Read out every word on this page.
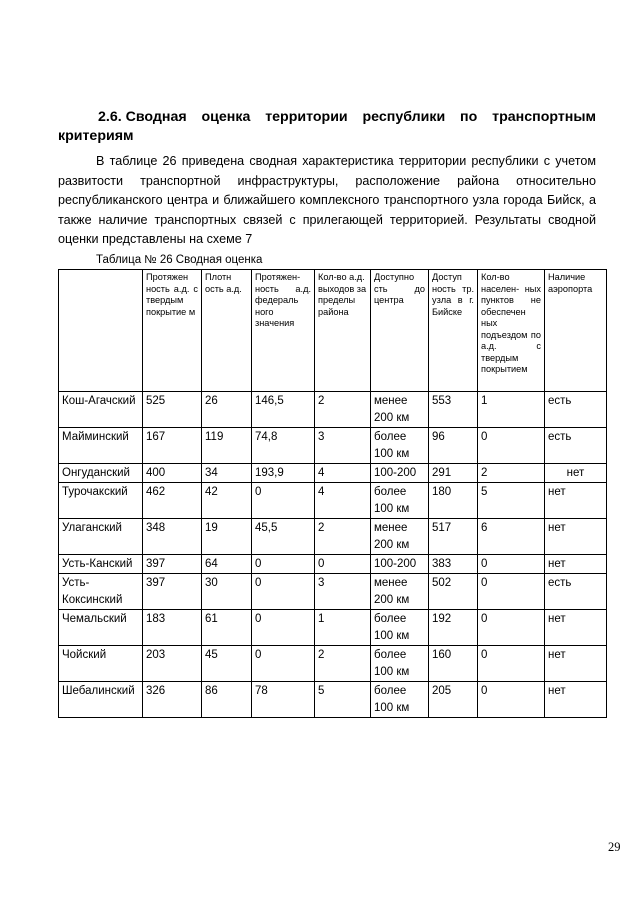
2.6. Сводная оценка территории республики по транспортным
критериям
В таблице 26 приведена сводная характеристика территории республики с учетом
развитости транспортной инфраструктуры, расположение района относительно
республиканского центра и ближайшего комплексного транспортного узла города Бийск, а
также наличие транспортных связей с прилегающей территорией. Результаты сводной
оценки представлены на схеме 7
Таблица № 26 Сводная оценка
	Протяжен ность а.д. с твердым покрытие м	Плотн ость а.д.	Протяжен- ность а.д. федераль ного значения	Кол-во а.д. выходов за пределы района	Доступно сть до центра	Доступ ность тр. узла в г. Бийске	Кол-во населен- ных пунктов не обеспечен ных подъездом по а.д. с твердым покрытием	Наличие аэропорта
Кош-Агачский	525	26	146,5	2	менее 200 км	553	1	есть
Майминский	167	119	74,8	3	более 100 км	96	0	есть
Онгуданский	400	34	193,9	4	100-200	291	2	нет
Турочакский	462	42	0	4	более 100 км	180	5	нет
Улаганский	348	19	45,5	2	менее 200 км	517	6	нет
Усть-Канский	397	64	0	0	100-200	383	0	нет
Усть-Коксинский	397	30	0	3	менее 200 км	502	0	есть
Чемальский	183	61	0	1	более 100 км	192	0	нет
Чойский	203	45	0	2	более 100 км	160	0	нет
Шебалинский	326	86	78	5	более 100 км	205	0	нет
29
